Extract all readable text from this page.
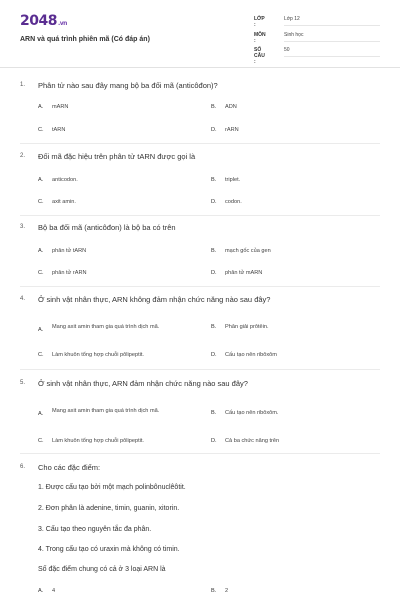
2048.vn
ARN và quá trình phiên mã (Có đáp án)
LỚP :
Lớp 12
MÔN :
Sinh học
SỐ CÂU :
50
1. Phân tử nào sau đây mang bộ ba đối mã (anticôđon)?
A. mARN	B. ADN
C. tARN	D. rARN
2. Đối mã đặc hiệu trên phân tử tARN được gọi là
A. anticodon.	B. triplet.
C. axit amin.	D. codon.
3. Bộ ba đối mã (anticôđon) là bộ ba có trên
A. phân tử tARN	B. mạch gốc của gen
C. phân tử rARN	D. phân tử mARN
4. Ở sinh vật nhân thực, ARN không đảm nhận chức năng nào sau đây?
A. Mang axit amin tham gia quá trình dịch mã.	B. Phân giải prôtêin.
C. Làm khuôn tổng hợp chuỗi pôlipeptit.	D. Cấu tạo nên ribôxôm
5. Ở sinh vật nhân thực, ARN đảm nhận chức năng nào sau đây?
A. Mang axit amin tham gia quá trình dịch mã.	B. Cấu tạo nên ribôxôm.
C. Làm khuôn tổng hợp chuỗi pôlipeptit.	D. Cả ba chức năng trên
6. Cho các đặc điểm:
1. Được cấu tạo bởi một mạch polinbônuclêôtit.
2. Đơn phân là adenine, timin, guanin, xitorin.
3. Cấu tạo theo nguyên tắc đa phân.
4. Trong cấu tạo có uraxin mà không có timin.
Số đặc điểm chung có cả ở 3 loại ARN là
A. 4	B. 2
